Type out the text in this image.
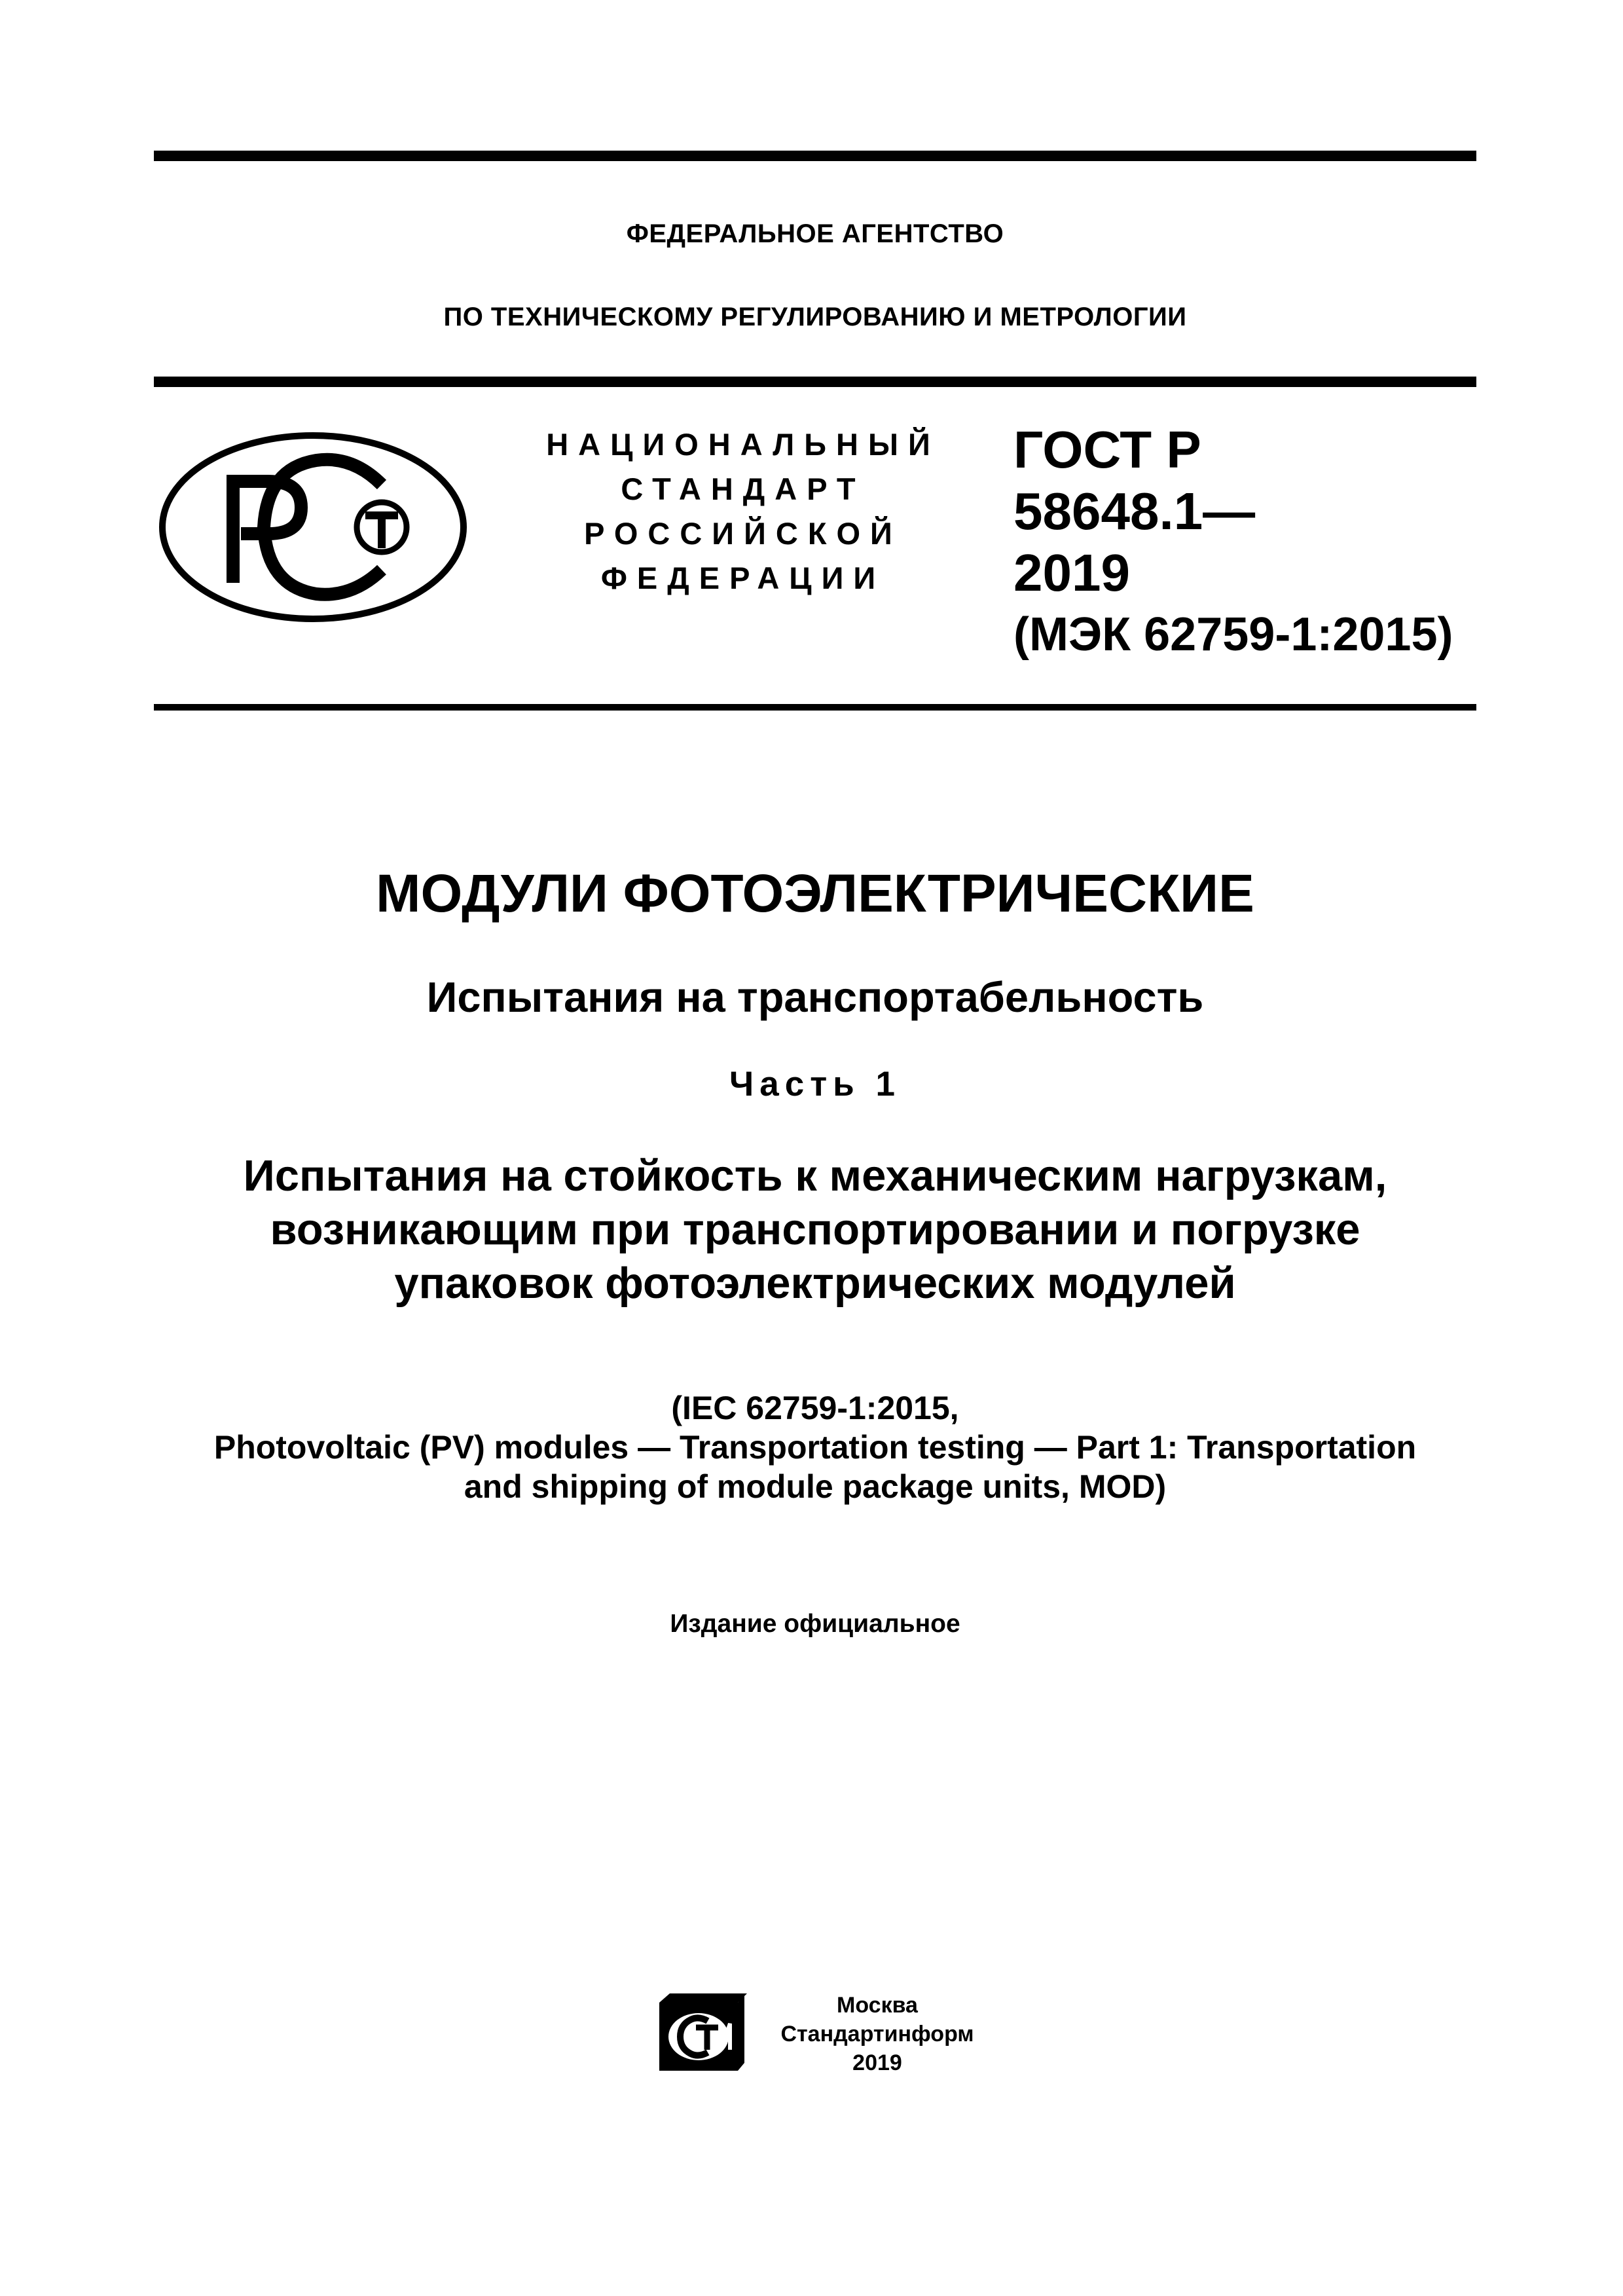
ФЕДЕРАЛЬНОЕ АГЕНТСТВО
ПО ТЕХНИЧЕСКОМУ РЕГУЛИРОВАНИЮ И МЕТРОЛОГИИ
НАЦИОНАЛЬНЫЙ
СТАНДАРТ
РОССИЙСКОЙ
ФЕДЕРАЦИИ
ГОСТ Р
58648.1—
2019
(МЭК 62759-1:2015)
МОДУЛИ ФОТОЭЛЕКТРИЧЕСКИЕ
Испытания на транспортабельность
Часть 1
Испытания на стойкость к механическим нагрузкам,
возникающим при транспортировании и погрузке
упаковок фотоэлектрических модулей
(IEC 62759-1:2015,
Photovoltaic (PV) modules — Transportation testing — Part 1: Transportation
and shipping of module package units, MOD)
Издание официальное
Москва
Стандартинформ
2019
